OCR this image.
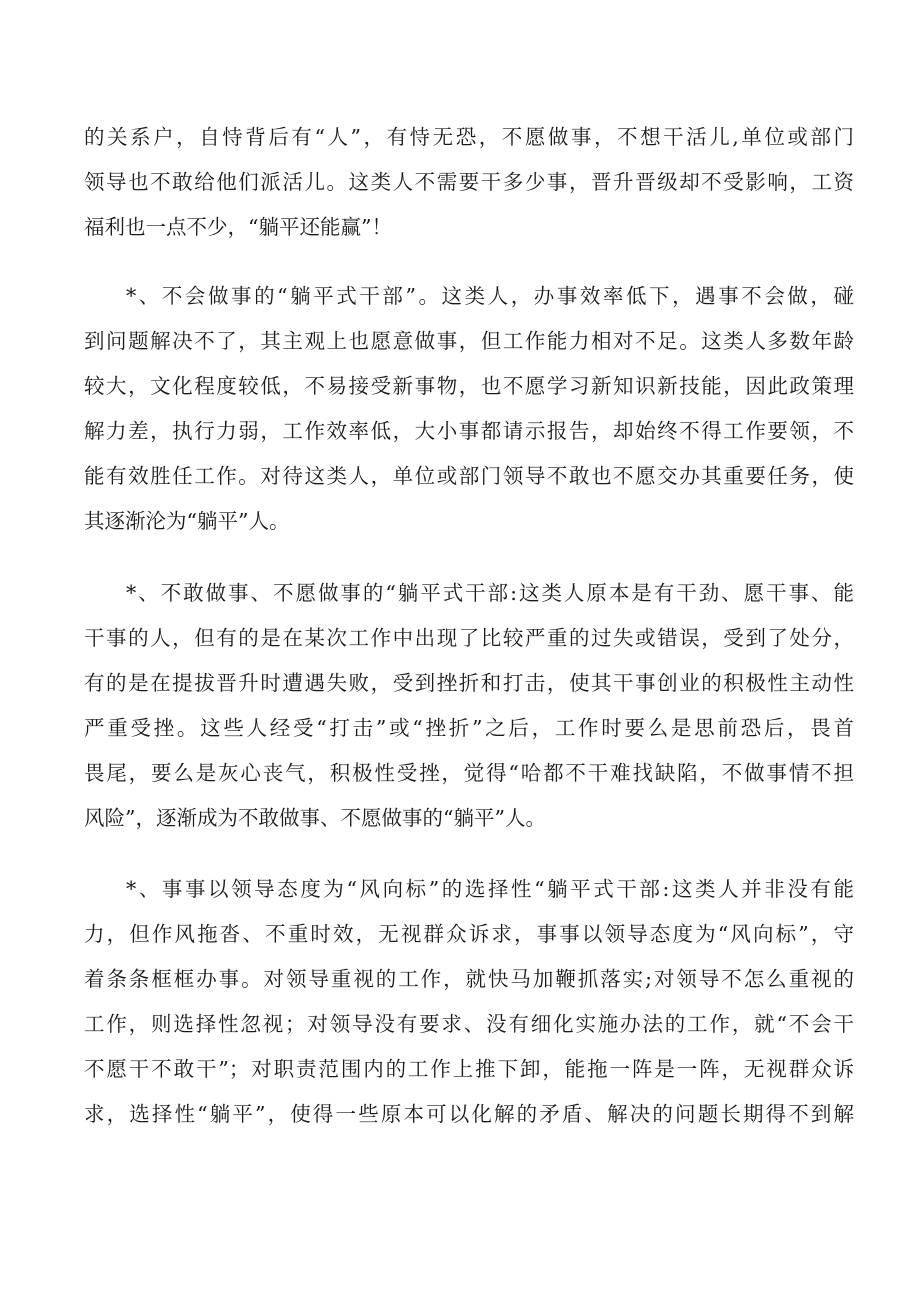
的关系户，自恃背后有“人”，有恃无恐，不愿做事，不想干活儿,单位或部门
领导也不敢给他们派活儿。这类人不需要干多少事，晋升晋级却不受影响，工资
福利也一点不少，“躺平还能赢”！
*、不会做事的“躺平式干部”。这类人，办事效率低下，遇事不会做，碰
到问题解决不了，其主观上也愿意做事，但工作能力相对不足。这类人多数年龄
较大，文化程度较低，不易接受新事物，也不愿学习新知识新技能，因此政策理
解力差，执行力弱，工作效率低，大小事都请示报告，却始终不得工作要领，不
能有效胜任工作。对待这类人，单位或部门领导不敢也不愿交办其重要任务，使
其逐渐沦为“躺平”人。
*、不敢做事、不愿做事的“躺平式干部:这类人原本是有干劲、愿干事、能
干事的人，但有的是在某次工作中出现了比较严重的过失或错误，受到了处分，
有的是在提拔晋升时遭遇失败，受到挫折和打击，使其干事创业的积极性主动性
严重受挫。这些人经受“打击”或“挫折”之后，工作时要么是思前恐后，畏首
畏尾，要么是灰心丧气，积极性受挫，觉得“哈都不干难找缺陷，不做事情不担
风险”，逐渐成为不敢做事、不愿做事的“躺平”人。
*、事事以领导态度为“风向标”的选择性“躺平式干部:这类人并非没有能
力，但作风拖沓、不重时效，无视群众诉求，事事以领导态度为“风向标”，守
着条条框框办事。对领导重视的工作，就快马加鞭抓落实;对领导不怎么重视的
工作，则选择性忽视；对领导没有要求、没有细化实施办法的工作，就“不会干
不愿干不敢干”；对职责范围内的工作上推下卸，能拖一阵是一阵，无视群众诉
求，选择性“躺平”，使得一些原本可以化解的矛盾、解决的问题长期得不到解
